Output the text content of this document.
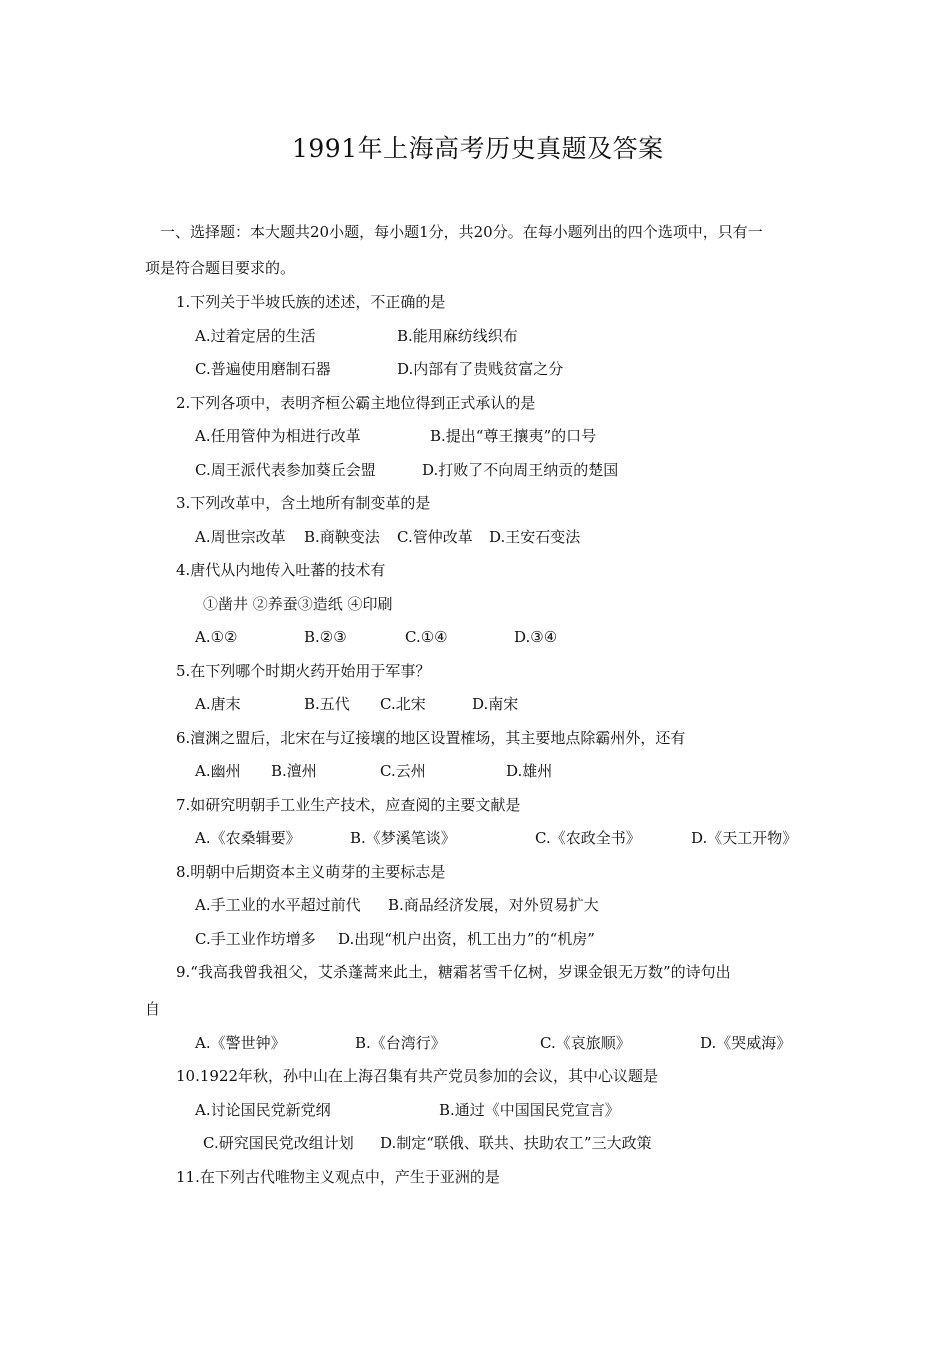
1991年上海高考历史真题及答案
一、选择题：本大题共20小题，每小题1分，共20分。在每小题列出的四个选项中，只有一
项是符合题目要求的。
1.下列关于半坡氏族的述述，不正确的是
A.过着定居的生活	B.能用麻纺线织布
C.普遍使用磨制石器	D.内部有了贵贱贫富之分
2.下列各项中，表明齐桓公霸主地位得到正式承认的是
A.任用管仲为相进行改革	B.提出“尊王攘夷”的口号
C.周王派代表参加葵丘会盟	D.打败了不向周王纳贡的楚国
3.下列改革中，含土地所有制变革的是
A.周世宗改革 B.商鞅变法 C.管仲改革 D.王安石变法
4.唐代从内地传入吐蕃的技术有
①凿井 ②养蚕③造纸 ④印刷
A.①②	B.②③	C.①④	D.③④
5.在下列哪个时期火药开始用于军事？
A.唐末	B.五代 C.北宋	D.南宋
6.澶渊之盟后，北宋在与辽接壤的地区设置榷场，其主要地点除霸州外，还有
A.幽州 B.澶州	C.云州	D.雄州
7.如研究明朝手工业生产技术，应查阅的主要文献是
A.《农桑辑要》	B.《梦溪笔谈》	C.《农政全书》	D.《天工开物》
8.明朝中后期资本主义萌芽的主要标志是
A.手工业的水平超过前代 B.商品经济发展，对外贸易扩大
C.手工业作坊增多 D.出现“机户出资，机工出力”的“机房”
9.“我高我曾我祖父，艾杀蓬蒿来此土，糖霜茗雪千亿树，岁课金银无万数”的诗句出
自
A.《警世钟》	B.《台湾行》	C.《哀旅顺》	D.《哭威海》
10.1922年秋，孙中山在上海召集有共产党员参加的会议，其中心议题是
A.讨论国民党新党纲	B.通过《中国国民党宣言》
C.研究国民党改组计划 D.制定“联俄、联共、扶助农工”三大政策
11.在下列古代唯物主义观点中，产生于亚洲的是
